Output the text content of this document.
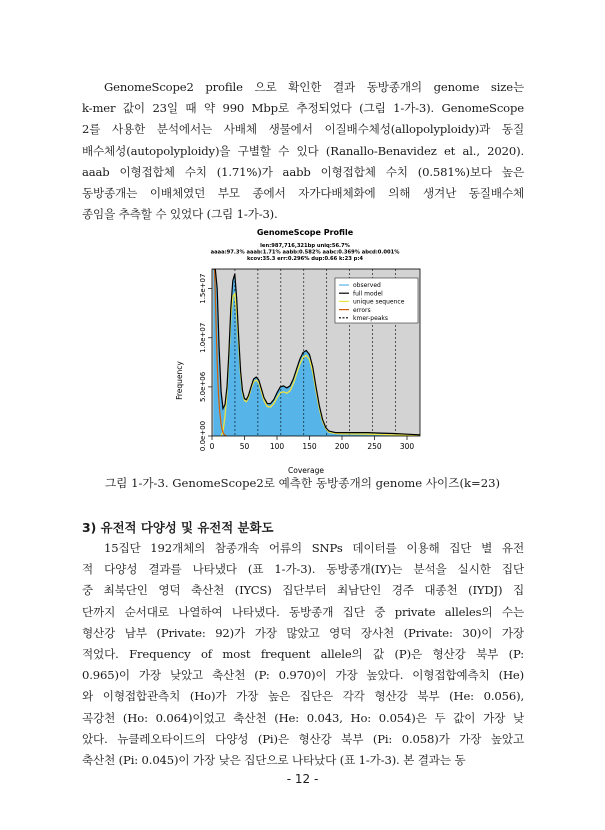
GenomeScope2 profile 으로 확인한 결과 동방종개의 genome size는
k-mer 값이 23일 때 약 990 Mbp로 추정되었다 (그림 1-가-3). GenomeScope
2를 사용한 분석에서는 사배체 생물에서 이질배수체성(allopolyploidy)과 동질
배수체성(autopolyploidy)을 구별할 수 있다 (Ranallo-Benavidez et al., 2020).
aaab 이형접합체 수치 (1.71%)가 aabb 이형접합체 수치 (0.581%)보다 높은
동방종개는 이배체였던 부모 종에서 자가다배체화에 의해 생겨난 동질배수체
종임을 추측할 수 있었다 (그림 1-가-3).

GenomeScope Profile
len:987,716,321bp uniq:56.7%
aaaa:97.3% aaab:1.71% aabb:0.582% aabc:0.369% abcd:0.001%
kcov:35.3 err:0.296% dup:0.66 k:23 p:4
0	50	100 150 200 250 300
0.0e+00
5.0e+06
1.0e+07
1.5e+07
Coverage
Frequency
observed
full model
unique sequence
errors
kmer-peaks

그림 1-가-3. GenomeScope2로 예측한 동방종개의 genome 사이즈(k=23)

3) 유전적 다양성 및 유전적 분화도

15집단 192개체의 참종개속 어류의 SNPs 데이터를 이용해 집단 별 유전
적 다양성 결과를 나타냈다 (표 1-가-3). 동방종개(IY)는 분석을 실시한 집단
중 최북단인 영덕 축산천 (IYCS) 집단부터 최남단인 경주 대종천 (IYDJ) 집
단까지 순서대로 나열하여 나타냈다. 동방종개 집단 중 private alleles의 수는
형산강 남부 (Private: 92)가 가장 많았고 영덕 장사천 (Private: 30)이 가장
적었다. Frequency of most frequent allele의 값 (P)은 형산강 북부 (P:
0.965)이 가장 낮았고 축산천 (P: 0.970)이 가장 높았다. 이형접합예측치 (He)
와 이형접합관측치 (Ho)가 가장 높은 집단은 각각 형산강 북부 (He: 0.056),
곡강천 (Ho: 0.064)이었고 축산천 (He: 0.043, Ho: 0.054)은 두 값이 가장 낮
았다. 뉴클레오타이드의 다양성 (Pi)은 형산강 북부 (Pi: 0.058)가 가장 높았고
축산천 (Pi: 0.045)이 가장 낮은 집단으로 나타났다 (표 1-가-3). 본 결과는 동

- 12 -
